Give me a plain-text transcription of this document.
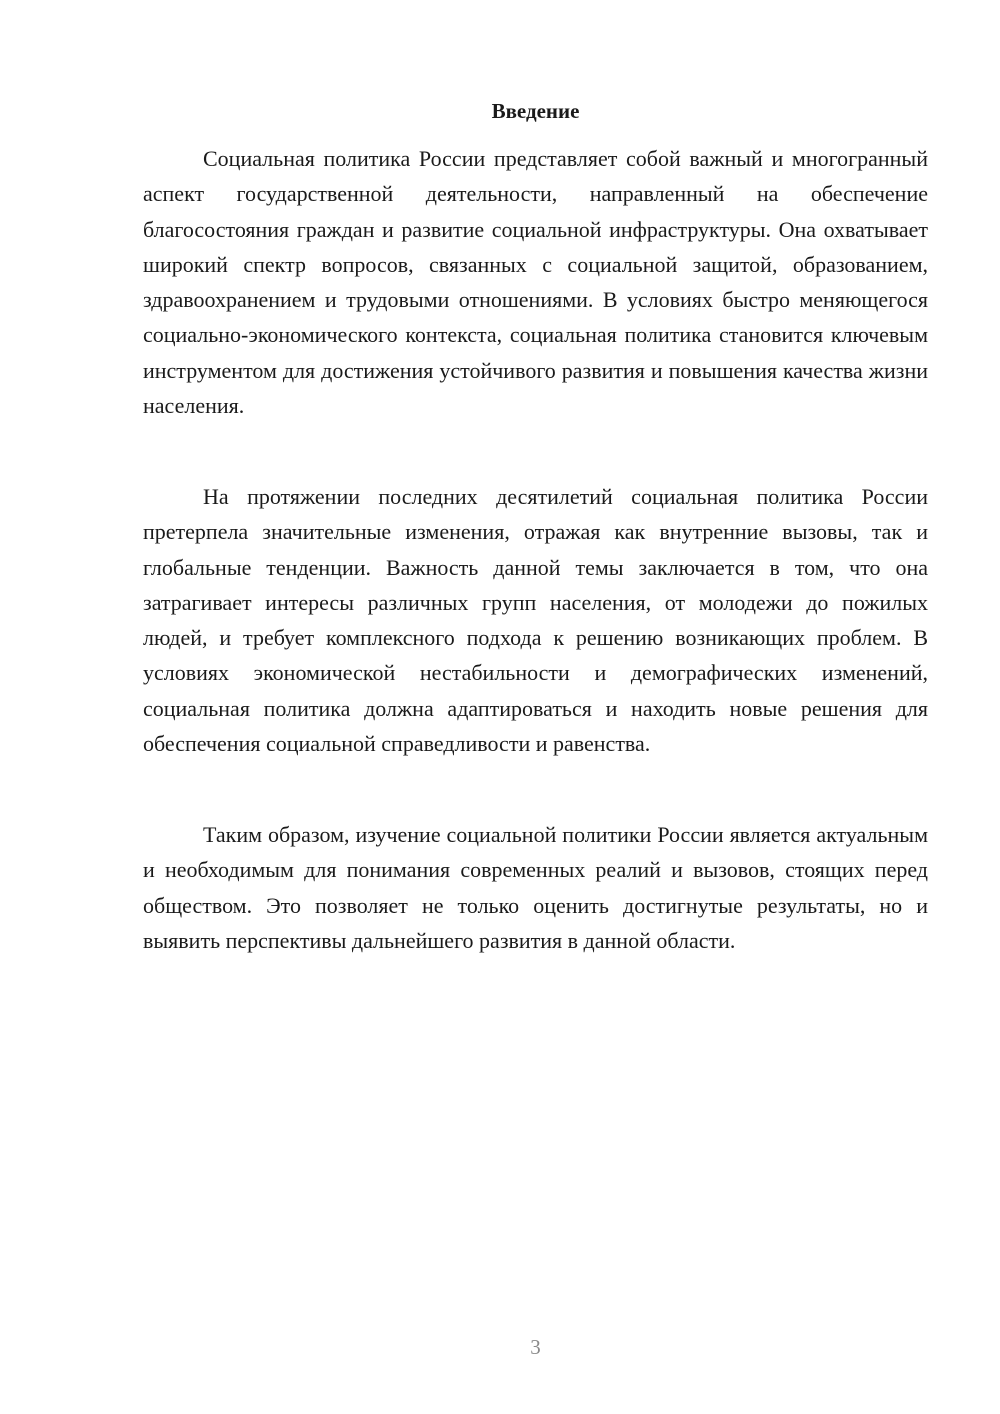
Введение

Социальная политика России представляет собой важный и многогранный аспект государственной деятельности, направленный на обеспечение благосостояния граждан и развитие социальной инфраструктуры. Она охватывает широкий спектр вопросов, связанных с социальной защитой, образованием, здравоохранением и трудовыми отношениями. В условиях быстро меняющегося социально-экономического контекста, социальная политика становится ключевым инструментом для достижения устойчивого развития и повышения качества жизни населения.

На протяжении последних десятилетий социальная политика России претерпела значительные изменения, отражая как внутренние вызовы, так и глобальные тенденции. Важность данной темы заключается в том, что она затрагивает интересы различных групп населения, от молодежи до пожилых людей, и требует комплексного подхода к решению возникающих проблем. В условиях экономической нестабильности и демографических изменений, социальная политика должна адаптироваться и находить новые решения для обеспечения социальной справедливости и равенства.

Таким образом, изучение социальной политики России является актуальным и необходимым для понимания современных реалий и вызовов, стоящих перед обществом. Это позволяет не только оценить достигнутые результаты, но и выявить перспективы дальнейшего развития в данной области.

3
